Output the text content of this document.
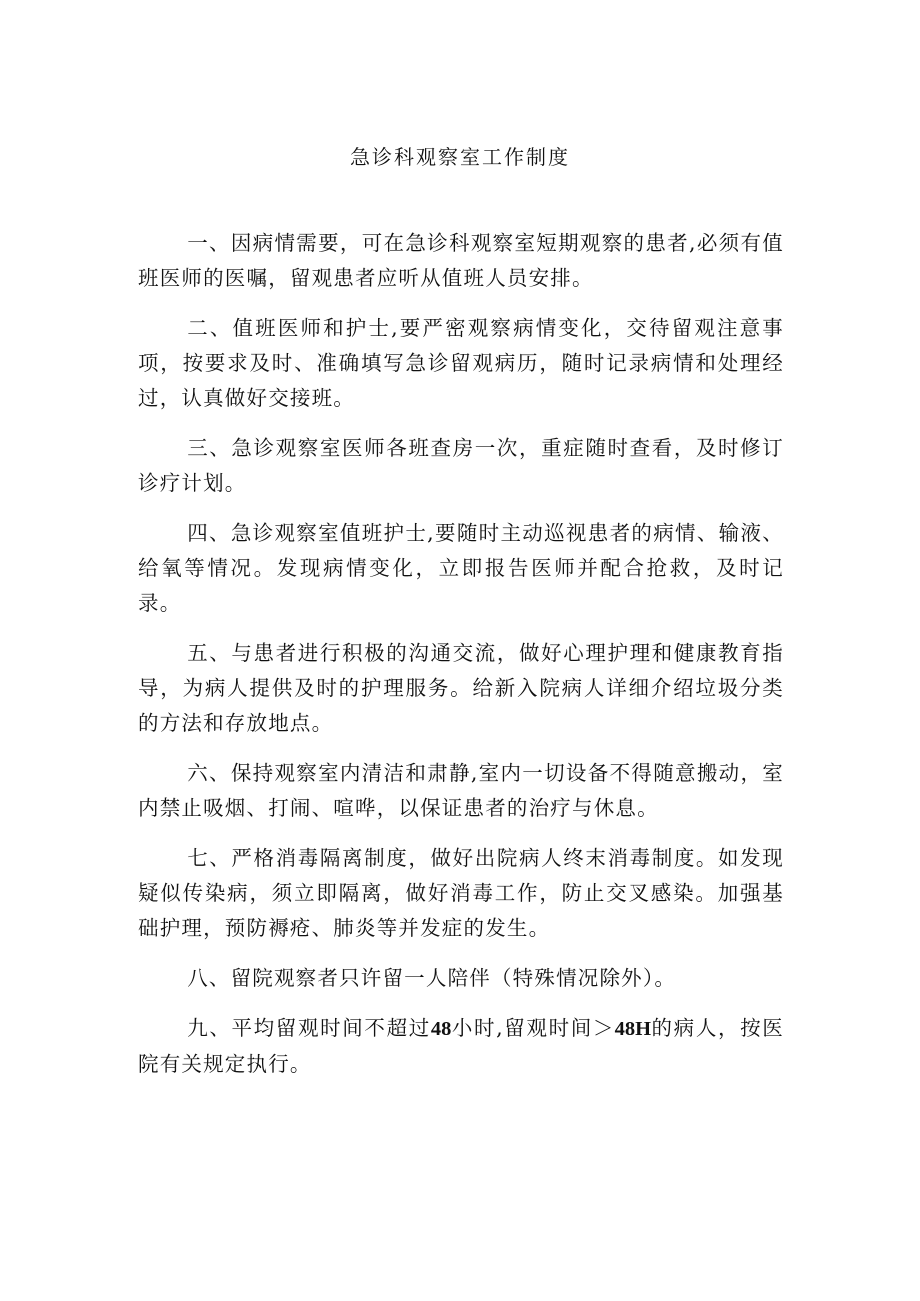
急诊科观察室工作制度

一、因病情需要，可在急诊科观察室短期观察的患者,必须有值班医师的医嘱，留观患者应听从值班人员安排。

二、值班医师和护士,要严密观察病情变化，交待留观注意事项，按要求及时、准确填写急诊留观病历，随时记录病情和处理经过，认真做好交接班。

三、急诊观察室医师各班查房一次，重症随时查看，及时修订诊疗计划。

四、急诊观察室值班护士,要随时主动巡视患者的病情、输液、给氧等情况。发现病情变化，立即报告医师并配合抢救，及时记录。

五、与患者进行积极的沟通交流，做好心理护理和健康教育指导，为病人提供及时的护理服务。给新入院病人详细介绍垃圾分类的方法和存放地点。

六、保持观察室内清洁和肃静,室内一切设备不得随意搬动，室内禁止吸烟、打闹、喧哗，以保证患者的治疗与休息。

七、严格消毒隔离制度，做好出院病人终末消毒制度。如发现疑似传染病，须立即隔离，做好消毒工作，防止交叉感染。加强基础护理，预防褥疮、肺炎等并发症的发生。

八、留院观察者只许留一人陪伴（特殊情况除外）。

九、平均留观时间不超过48小时,留观时间＞48H的病人，按医院有关规定执行。
